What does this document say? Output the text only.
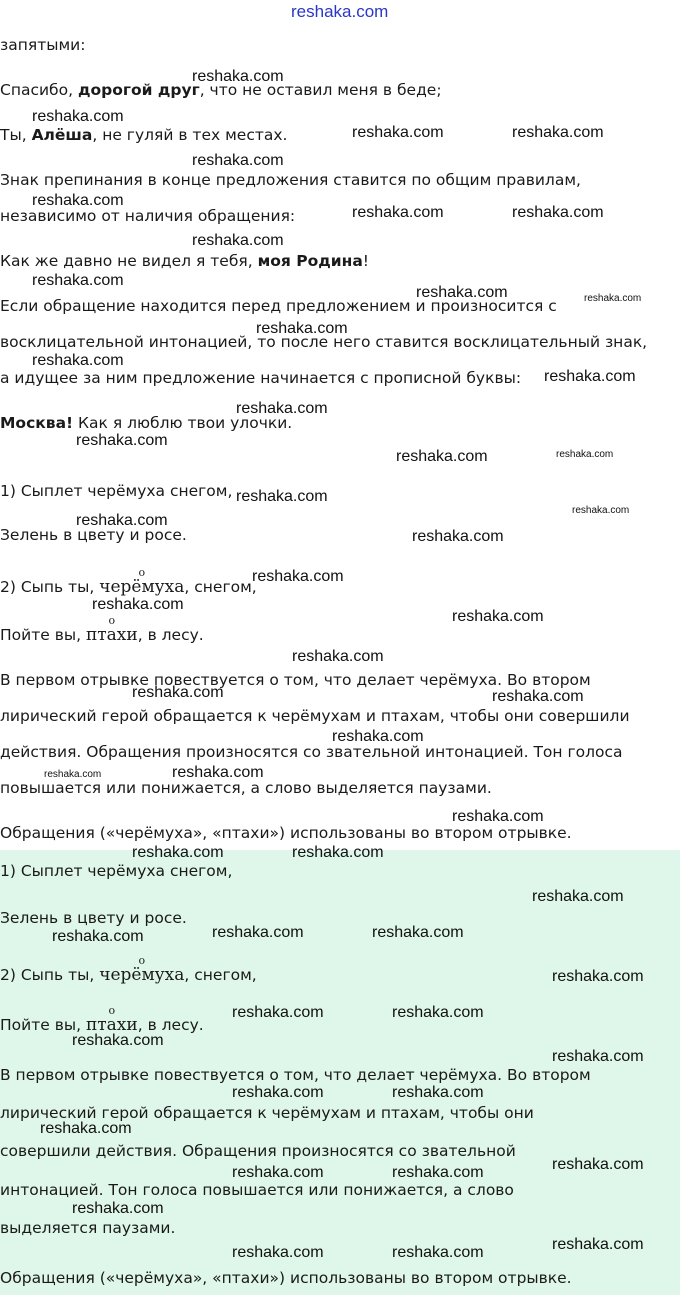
reshaka.com
запятыми:
Спасибо, дорогой друг, что не оставил меня в беде;
Ты, Алёша, не гуляй в тех местах.
Знак препинания в конце предложения ставится по общим правилам,
независимо от наличия обращения:
Как же давно не видел я тебя, моя Родина!
Если обращение находится перед предложением и произносится с
восклицательной интонацией, то после него ставится восклицательный знак,
а идущее за ним предложение начинается с прописной буквы:
Москва! Как я люблю твои улочки.
1) Сыплет черёмуха снегом,
Зелень в цвету и росе.
2) Сыпь ты,
о
черёмуха, снегом,
Пойте вы,
о
птахи, в лесу.
В первом отрывке повествуется о том, что делает черёмуха. Во втором
лирический герой обращается к черёмухам и птахам, чтобы они совершили
действия. Обращения произносятся со звательной интонацией. Тон голоса
повышается или понижается, а слово выделяется паузами.
Обращения («черёмуха», «птахи») использованы во втором отрывке.
1) Сыплет черёмуха снегом,
Зелень в цвету и росе.
2) Сыпь ты,
о
черёмуха, снегом,
Пойте вы,
о
птахи, в лесу.
В первом отрывке повествуется о том, что делает черёмуха. Во втором
лирический герой обращается к черёмухам и птахам, чтобы они
совершили действия. Обращения произносятся со звательной
интонацией. Тон голоса повышается или понижается, а слово
выделяется паузами.
Обращения («черёмуха», «птахи») использованы во втором отрывке.
reshaka.com
reshaka.com
reshaka.com	reshaka.com
reshaka.com
reshaka.com
reshaka.com	reshaka.com
reshaka.com
reshaka.com
reshaka.com	reshaka.com
reshaka.com
reshaka.com
reshaka.com
reshaka.com
reshaka.com
reshaka.com	reshaka.com
reshaka.com
reshaka.com
reshaka.com
reshaka.com
reshaka.com
reshaka.com
reshaka.com
reshaka.com
reshaka.com	reshaka.com
reshaka.com
reshaka.com	reshaka.com
reshaka.com
reshaka.com	reshaka.com
reshaka.com
reshaka.com	reshaka.com
reshaka.com
reshaka.com
reshaka.com	reshaka.com
reshaka.com
reshaka.com
reshaka.com	reshaka.com
reshaka.com
reshaka.com
reshaka.com	reshaka.com
reshaka.com
reshaka.com
reshaka.com	reshaka.com
